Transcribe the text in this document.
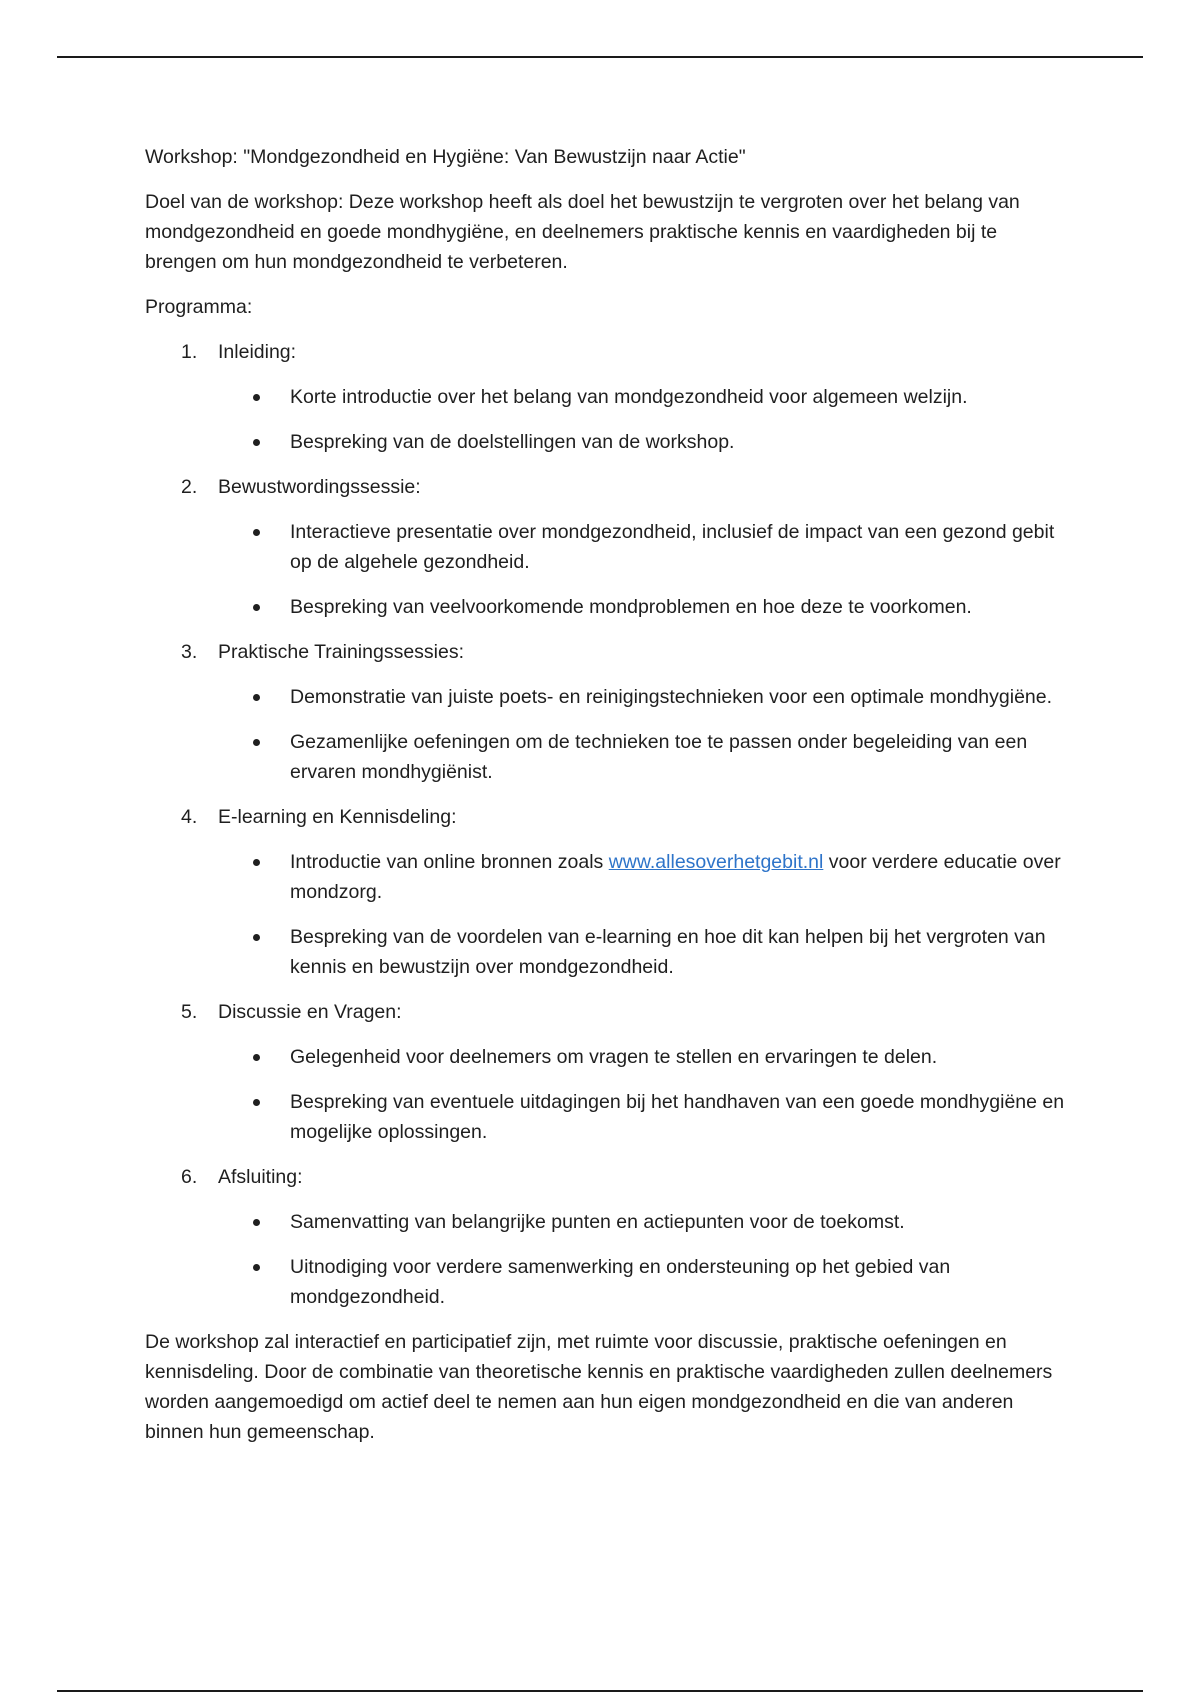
Workshop: "Mondgezondheid en Hygiëne: Van Bewustzijn naar Actie"

Doel van de workshop: Deze workshop heeft als doel het bewustzijn te vergroten over het belang van mondgezondheid en goede mondhygiëne, en deelnemers praktische kennis en vaardigheden bij te brengen om hun mondgezondheid te verbeteren.

Programma:

1. Inleiding:
Korte introductie over het belang van mondgezondheid voor algemeen welzijn.
Bespreking van de doelstellingen van de workshop.
2. Bewustwordingssessie:
Interactieve presentatie over mondgezondheid, inclusief de impact van een gezond gebit op de algehele gezondheid.
Bespreking van veelvoorkomende mondproblemen en hoe deze te voorkomen.
3. Praktische Trainingssessies:
Demonstratie van juiste poets- en reinigingstechnieken voor een optimale mondhygiëne.
Gezamenlijke oefeningen om de technieken toe te passen onder begeleiding van een ervaren mondhygiënist.
4. E-learning en Kennisdeling:
Introductie van online bronnen zoals www.allesoverhetgebit.nl voor verdere educatie over mondzorg.
Bespreking van de voordelen van e-learning en hoe dit kan helpen bij het vergroten van kennis en bewustzijn over mondgezondheid.
5. Discussie en Vragen:
Gelegenheid voor deelnemers om vragen te stellen en ervaringen te delen.
Bespreking van eventuele uitdagingen bij het handhaven van een goede mondhygiëne en mogelijke oplossingen.
6. Afsluiting:
Samenvatting van belangrijke punten en actiepunten voor de toekomst.
Uitnodiging voor verdere samenwerking en ondersteuning op het gebied van mondgezondheid.

De workshop zal interactief en participatief zijn, met ruimte voor discussie, praktische oefeningen en kennisdeling. Door de combinatie van theoretische kennis en praktische vaardigheden zullen deelnemers worden aangemoedigd om actief deel te nemen aan hun eigen mondgezondheid en die van anderen binnen hun gemeenschap.
